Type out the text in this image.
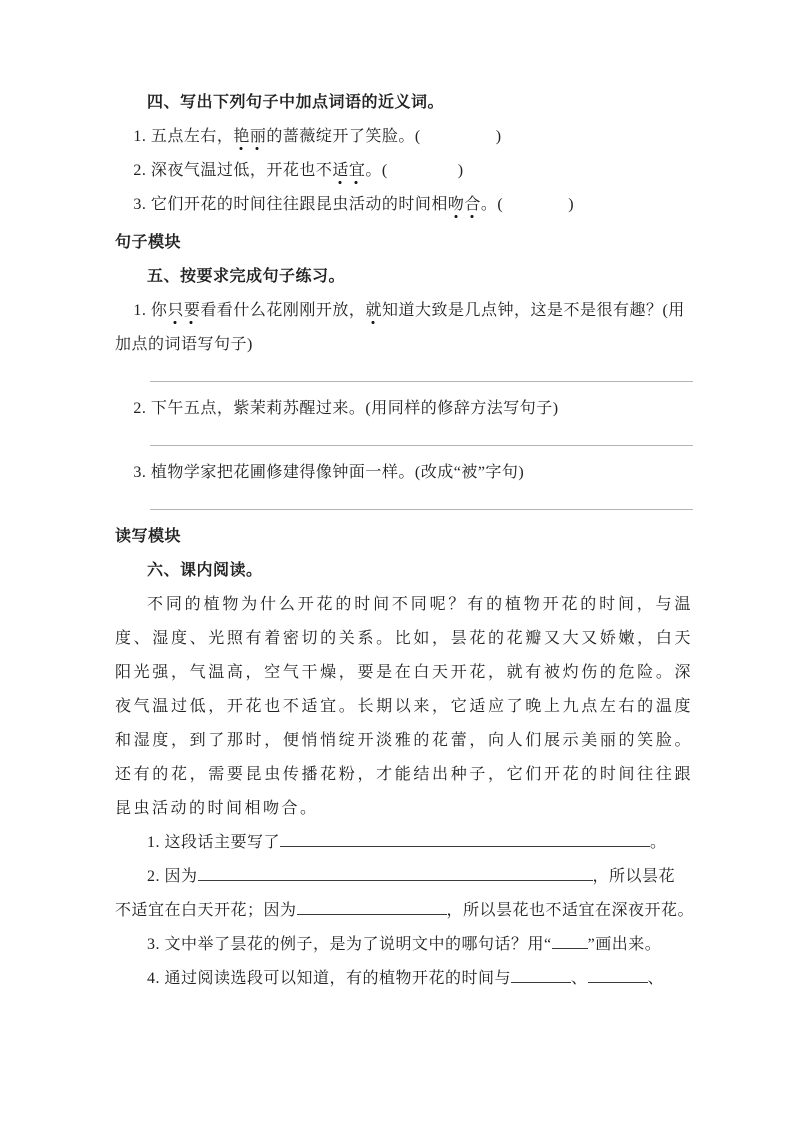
四、写出下列句子中加点词语的近义词。
1. 五点左右，艳丽的蔷薇绽开了笑脸。(	)
2. 深夜气温过低，开花也不适宜。(	)
3. 它们开花的时间往往跟昆虫活动的时间相吻合。(	)
句子模块
五、按要求完成句子练习。
1. 你只要看看什么花刚刚开放，就知道大致是几点钟，这是不是很有趣？(用
加点的词语写句子)
2. 下午五点，紫茉莉苏醒过来。(用同样的修辞方法写句子)
3. 植物学家把花圃修建得像钟面一样。(改成“被”字句)
读写模块
六、课内阅读。
不同的植物为什么开花的时间不同呢？有的植物开花的时间，与温度、湿度、光照有着密切的关系。比如，昙花的花瓣又大又娇嫩，白天阳光强，气温高，空气干燥，要是在白天开花，就有被灼伤的危险。深夜气温过低，开花也不适宜。长期以来，它适应了晚上九点左右的温度和湿度，到了那时，便悄悄绽开淡雅的花蕾，向人们展示美丽的笑脸。还有的花，需要昆虫传播花粉，才能结出种子，它们开花的时间往往跟昆虫活动的时间相吻合。
1. 这段话主要写了	。
2. 因为	，所以昙花
不适宜在白天开花；因为	，所以昙花也不适宜在深夜开花。
3. 文中举了昙花的例子，是为了说明文中的哪句话？用“ ”画出来。
4. 通过阅读选段可以知道，有的植物开花的时间与	、	、
